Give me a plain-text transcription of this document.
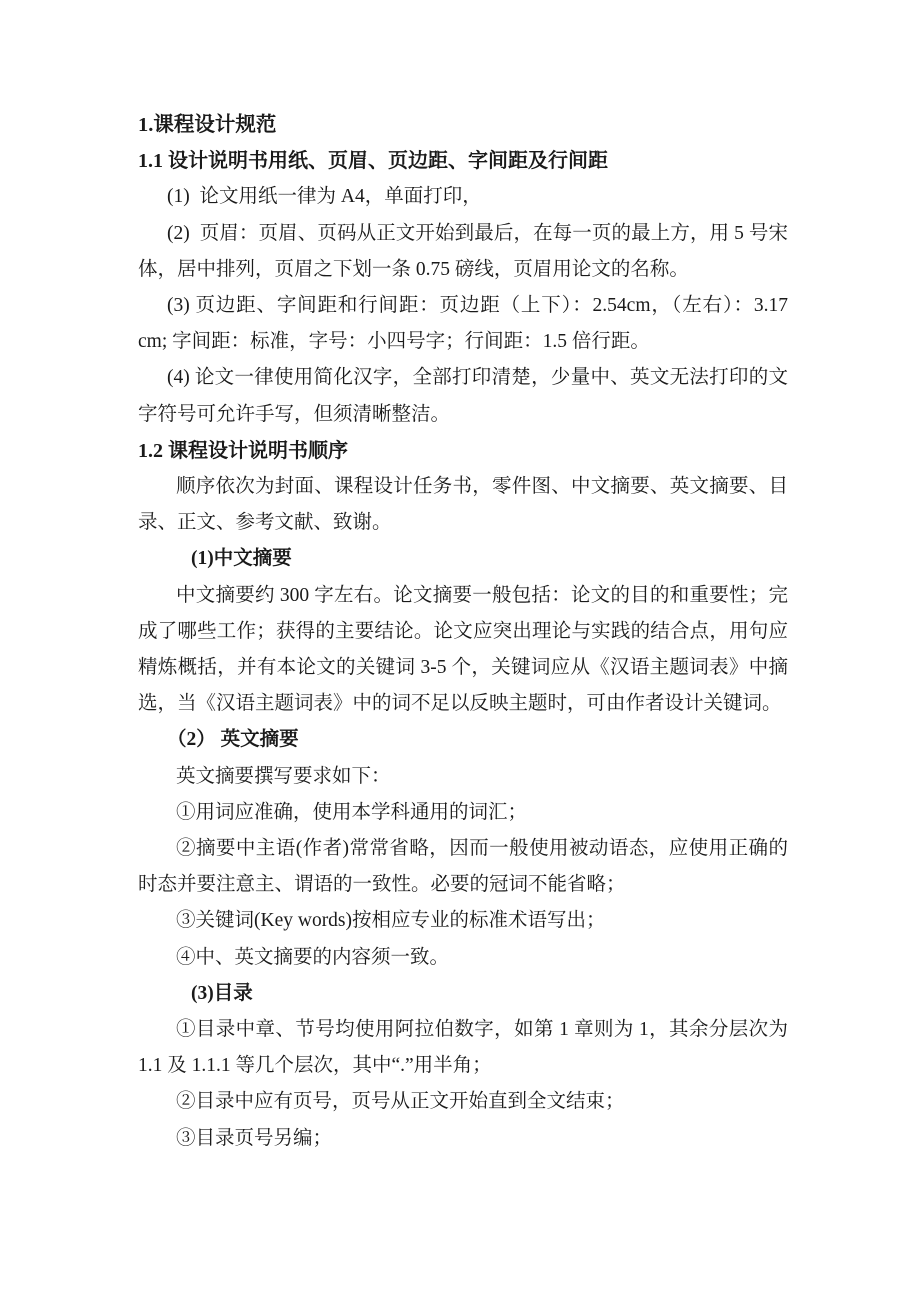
1.课程设计规范
1.1 设计说明书用纸、页眉、页边距、字间距及行间距
(1)  论文用纸一律为 A4，单面打印，
(2)  页眉：页眉、页码从正文开始到最后，在每一页的最上方，用 5 号宋
体，居中排列，页眉之下划一条 0.75 磅线，页眉用论文的名称。
(3) 页边距、字间距和行间距：页边距（上下）：2.54cm，（左右）：3.17
cm; 字间距：标准，字号：小四号字；行间距：1.5 倍行距。
(4) 论文一律使用简化汉字，全部打印清楚，少量中、英文无法打印的文
字符号可允许手写，但须清晰整洁。
1.2 课程设计说明书顺序
顺序依次为封面、课程设计任务书，零件图、中文摘要、英文摘要、目
录、正文、参考文献、致谢。
(1)中文摘要
中文摘要约 300 字左右。论文摘要一般包括：论文的目的和重要性；完
成了哪些工作；获得的主要结论。论文应突出理论与实践的结合点，用句应
精炼概括，并有本论文的关键词 3-5 个，关键词应从《汉语主题词表》中摘
选，当《汉语主题词表》中的词不足以反映主题时，可由作者设计关键词。
（2） 英文摘要
英文摘要撰写要求如下：
①用词应准确，使用本学科通用的词汇；
②摘要中主语(作者)常常省略，因而一般使用被动语态，应使用正确的
时态并要注意主、谓语的一致性。必要的冠词不能省略；
③关键词(Key words)按相应专业的标准术语写出；
④中、英文摘要的内容须一致。
(3)目录
①目录中章、节号均使用阿拉伯数字，如第 1 章则为 1，其余分层次为
1.1 及 1.1.1 等几个层次，其中“.”用半角；
②目录中应有页号，页号从正文开始直到全文结束；
③目录页号另编；
